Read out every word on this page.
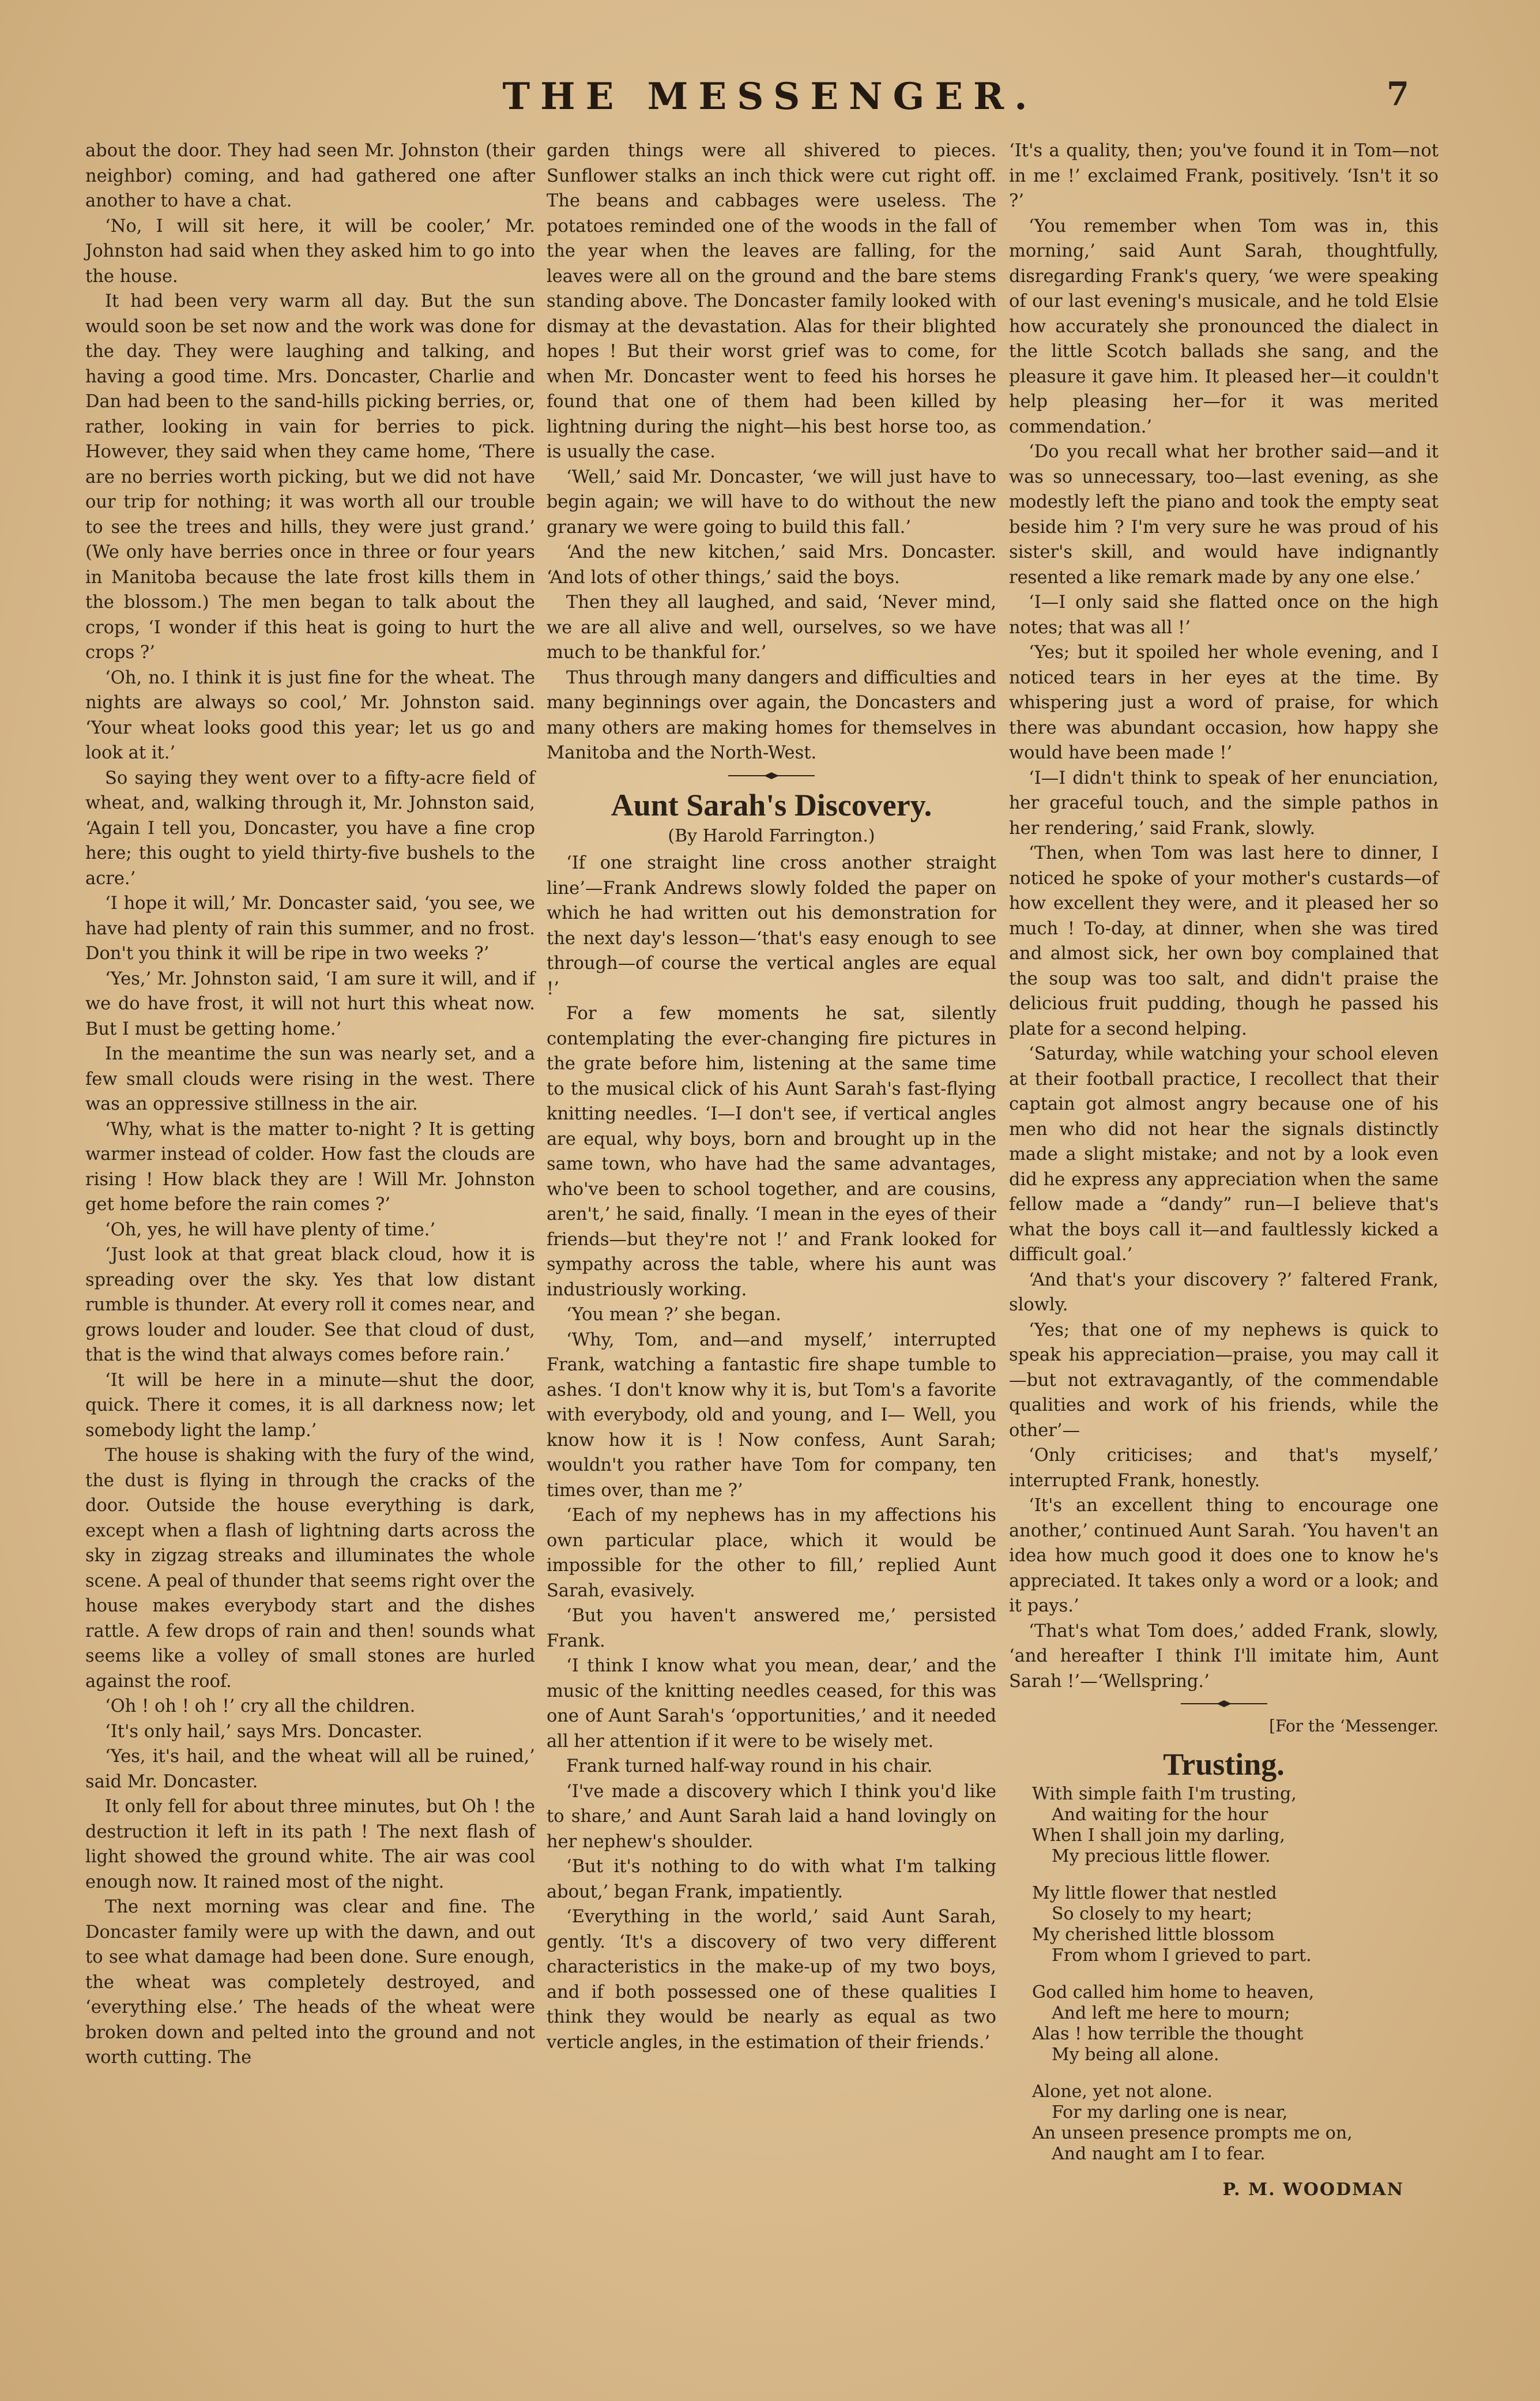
THE MESSENGER.	7

about the door. They had seen Mr. Johnston (their neighbor) coming, and had gathered one after another to have a chat.

‘No, I will sit here, it will be cooler,’ Mr. Johnston had said when they asked him to go into the house.

It had been very warm all day. But the sun would soon be set now and the work was done for the day. They were laughing and talking, and having a good time. Mrs. Doncaster, Charlie and Dan had been to the sand-hills picking berries, or, rather, looking in vain for berries to pick. However, they said when they came home, ‘There are no berries worth picking, but we did not have our trip for nothing; it was worth all our trouble to see the trees and hills, they were just grand.’ (We only have berries once in three or four years in Manitoba because the late frost kills them in the blossom.) The men began to talk about the crops, ‘I wonder if this heat is going to hurt the crops ?’

‘Oh, no. I think it is just fine for the wheat. The nights are always so cool,’ Mr. Johnston said. ‘Your wheat looks good this year; let us go and look at it.’

So saying they went over to a fifty-acre field of wheat, and, walking through it, Mr. Johnston said, ‘Again I tell you, Doncaster, you have a fine crop here; this ought to yield thirty-five bushels to the acre.’

‘I hope it will,’ Mr. Doncaster said, ‘you see, we have had plenty of rain this summer, and no frost. Don't you think it will be ripe in two weeks ?’

‘Yes,’ Mr. Johnston said, ‘I am sure it will, and if we do have frost, it will not hurt this wheat now. But I must be getting home.’

In the meantime the sun was nearly set, and a few small clouds were rising in the west. There was an oppressive stillness in the air.

‘Why, what is the matter to-night ? It is getting warmer instead of colder. How fast the clouds are rising ! How black they are ! Will Mr. Johnston get home before the rain comes ?’

‘Oh, yes, he will have plenty of time.’

‘Just look at that great black cloud, how it is spreading over the sky. Yes that low distant rumble is thunder. At every roll it comes near, and grows louder and louder. See that cloud of dust, that is the wind that always comes before rain.’

‘It will be here in a minute—shut the door, quick. There it comes, it is all darkness now; let somebody light the lamp.’

The house is shaking with the fury of the wind, the dust is flying in through the cracks of the door. Outside the house everything is dark, except when a flash of lightning darts across the sky in zigzag streaks and illuminates the whole scene. A peal of thunder that seems right over the house makes everybody start and the dishes rattle. A few drops of rain and then! sounds what seems like a volley of small stones are hurled against the roof.

‘Oh ! oh ! oh !’ cry all the children.

‘It's only hail,’ says Mrs. Doncaster.

‘Yes, it's hail, and the wheat will all be ruined,’ said Mr. Doncaster.

It only fell for about three minutes, but Oh ! the destruction it left in its path ! The next flash of light showed the ground white. The air was cool enough now. It rained most of the night.

The next morning was clear and fine. The Doncaster family were up with the dawn, and out to see what damage had been done. Sure enough, the wheat was completely destroyed, and ‘everything else.’ The heads of the wheat were broken down and pelted into the ground and not worth cutting. The

garden things were all shivered to pieces. Sunflower stalks an inch thick were cut right off. The beans and cabbages were useless. The potatoes reminded one of the woods in the fall of the year when the leaves are falling, for the leaves were all on the ground and the bare stems standing above. The Doncaster family looked with dismay at the devastation. Alas for their blighted hopes ! But their worst grief was to come, for when Mr. Doncaster went to feed his horses he found that one of them had been killed by lightning during the night—his best horse too, as is usually the case.

‘Well,’ said Mr. Doncaster, ‘we will just have to begin again; we will have to do without the new granary we were going to build this fall.’

‘And the new kitchen,’ said Mrs. Doncaster. ‘And lots of other things,’ said the boys.

Then they all laughed, and said, ‘Never mind, we are all alive and well, ourselves, so we have much to be thankful for.’

Thus through many dangers and difficulties and many beginnings over again, the Doncasters and many others are making homes for themselves in Manitoba and the North-West.

Aunt Sarah's Discovery.
(By Harold Farrington.)

‘If one straight line cross another straight line’—Frank Andrews slowly folded the paper on which he had written out his demonstration for the next day's lesson—‘that's easy enough to see through—of course the vertical angles are equal !’

For a few moments he sat, silently contemplating the ever-changing fire pictures in the grate before him, listening at the same time to the musical click of his Aunt Sarah's fast-flying knitting needles. ‘I—I don't see, if vertical angles are equal, why boys, born and brought up in the same town, who have had the same advantages, who've been to school together, and are cousins, aren't,’ he said, finally. ‘I mean in the eyes of their friends—but they're not !’ and Frank looked for sympathy across the table, where his aunt was industriously working.

‘You mean ?’ she began.

‘Why, Tom, and—and myself,’ interrupted Frank, watching a fantastic fire shape tumble to ashes. ‘I don't know why it is, but Tom's a favorite with everybody, old and young, and I— Well, you know how it is ! Now confess, Aunt Sarah; wouldn't you rather have Tom for company, ten times over, than me ?’

‘Each of my nephews has in my affections his own particular place, which it would be impossible for the other to fill,’ replied Aunt Sarah, evasively.

‘But you haven't answered me,’ persisted Frank.

‘I think I know what you mean, dear,’ and the music of the knitting needles ceased, for this was one of Aunt Sarah's ‘opportunities,’ and it needed all her attention if it were to be wisely met.

Frank turned half-way round in his chair.

‘I've made a discovery which I think you'd like to share,’ and Aunt Sarah laid a hand lovingly on her nephew's shoulder.

‘But it's nothing to do with what I'm talking about,’ began Frank, impatiently.

‘Everything in the world,’ said Aunt Sarah, gently. ‘It's a discovery of two very different characteristics in the make-up of my two boys, and if both possessed one of these qualities I think they would be nearly as equal as two verticle angles, in the estimation of their friends.’

‘It's a quality, then; you've found it in Tom—not in me !’ exclaimed Frank, positively. ‘Isn't it so ?’

‘You remember when Tom was in, this morning,’ said Aunt Sarah, thoughtfully, disregarding Frank's query, ‘we were speaking of our last evening's musicale, and he told Elsie how accurately she pronounced the dialect in the little Scotch ballads she sang, and the pleasure it gave him. It pleased her—it couldn't help pleasing her—for it was merited commendation.’

‘Do you recall what her brother said—and it was so unnecessary, too—last evening, as she modestly left the piano and took the empty seat beside him ? I'm very sure he was proud of his sister's skill, and would have indignantly resented a like remark made by any one else.’

‘I—I only said she flatted once on the high notes; that was all !’

‘Yes; but it spoiled her whole evening, and I noticed tears in her eyes at the time. By whispering just a word of praise, for which there was abundant occasion, how happy she would have been made !’

‘I—I didn't think to speak of her enunciation, her graceful touch, and the simple pathos in her rendering,’ said Frank, slowly.

‘Then, when Tom was last here to dinner, I noticed he spoke of your mother's custards—of how excellent they were, and it pleased her so much ! To-day, at dinner, when she was tired and almost sick, her own boy complained that the soup was too salt, and didn't praise the delicious fruit pudding, though he passed his plate for a second helping.

‘Saturday, while watching your school eleven at their football practice, I recollect that their captain got almost angry because one of his men who did not hear the signals distinctly made a slight mistake; and not by a look even did he express any appreciation when the same fellow made a “dandy” run—I believe that's what the boys call it—and faultlessly kicked a difficult goal.’

‘And that's your discovery ?’ faltered Frank, slowly.

‘Yes; that one of my nephews is quick to speak his appreciation—praise, you may call it—but not extravagantly, of the commendable qualities and work of his friends, while the other’—

‘Only criticises; and that's myself,’ interrupted Frank, honestly.

‘It's an excellent thing to encourage one another,’ continued Aunt Sarah. ‘You haven't an idea how much good it does one to know he's appreciated. It takes only a word or a look; and it pays.’

‘That's what Tom does,’ added Frank, slowly, ‘and hereafter I think I'll imitate him, Aunt Sarah !’—‘Wellspring.’

[For the ‘Messenger.
Trusting.
With simple faith I'm trusting,
And waiting for the hour
When I shall join my darling,
My precious little flower.
My little flower that nestled
So closely to my heart;
My cherished little blossom
From whom I grieved to part.
God called him home to heaven,
And left me here to mourn;
Alas ! how terrible the thought
My being all alone.
Alone, yet not alone.
For my darling one is near,
An unseen presence prompts me on,
And naught am I to fear.
P. M. WOODMAN
